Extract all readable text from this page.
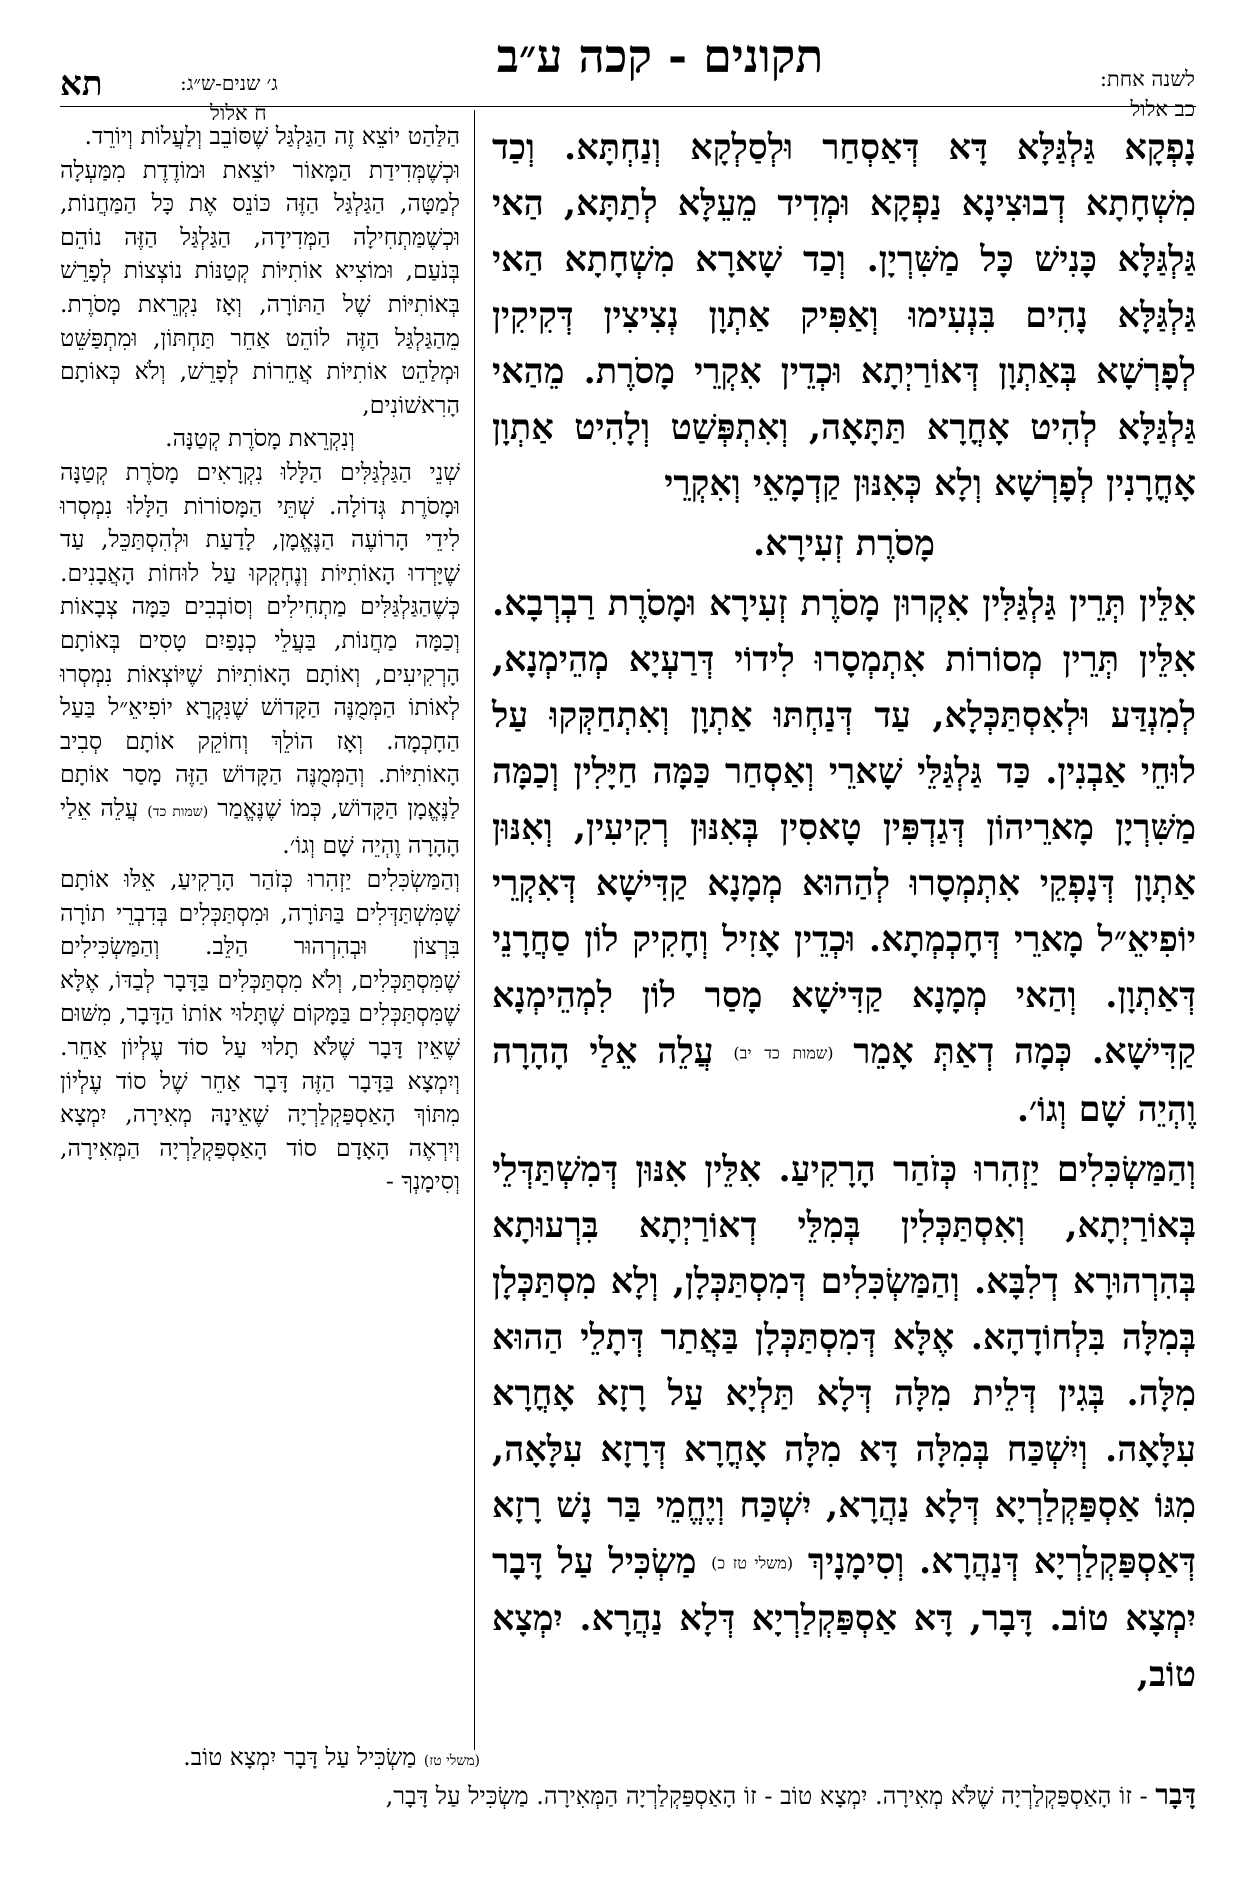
תא	ג׳ שנים-ש״ג:
ח אלול
תקונים - קכה ע״ב	לשנה אחת:
כב אלול

נָפְקָא גַּלְגַּלָּא דָּא דְּאַסְחַר וּלְסַלְקָא וְנַחְתָּא. וְכַד מִשְׁחָתָא דְבוּצִינָא נַפְקָא וּמְדִיד מֵעֵלָּא לְתַתָּא, הַאי גַּלְגַּלָּא כָּנִישׁ כָּל מַשִּׁרְיָן. וְכַד שָׁארָא מִשְׁחָתָא הַאי גַּלְגַּלָּא נָהִים בִּנְעִימוּ וְאַפִּיק אַתְוָן נְצִיצִין דְּקִיקִין לְפָרְשָׁא בְּאַתְוָן דְּאוֹרַיְתָא וּכְדֵין אִקְרֵי מָסֹרֶת. מֵהַאי גַּלְגַּלָּא לְהִיט אָחֳרָא תַּתָּאָה, וְאִתְפְּשַׁט וְלָהִיט אַתְוָן אָחֳרָנִין לְפָרְשָׁא וְלָא כְּאִנּוּן קַדְמָאֵי וְאִקְרֵי

מָסֹרֶת זְעִירָא.

אִלֵּין תְּרֵין גַּלְגַּלִּין אִקְרוּן מָסֹרֶת זְעִירָא וּמָסֹרֶת רַבְרְבָא. אִלֵּין תְּרֵין מְסוֹרוֹת אִתְמְסָרוּ לִידוֹי דְּרַעְיָא מְהֵימְנָא, לְמִנְדַּע וּלְאִסְתַּכְּלָא, עַד דְּנַחְתּוּ אַתְוָן וְאִתְחַקְּקוּ עַל לוּחֵי אַבְנִין. כַּד גַּלְגַּלֵּי שָׁארֵי וְאַסְחַר כַּמָּה חַיָּלִין וְכַמָּה מַשִּׁרְיָן מָארֵיהוֹן דְּגַדְפִּין טָאסִין בְּאִנּוּן רְקִיעִין, וְאִנּוּן אַתְוָן דְּנָפְקֵי אִתְמְסָרוּ לְהַהוּא מְמָנָא קַדִּישָׁא דְּאִקְרֵי יוֹפִיאֵ״ל מָארֵי דְּחָכְמְתָא. וּכְדֵין אָזִיל וְחָקִיק לוֹן סַחֲרָנֵי דְּאַתְוָן. וְהַאי מְמָנָא קַדִּישָׁא מָסַר לוֹן לִמְהֵימְנָא קַדִּישָׁא. כְּמָה דְאַתְּ אָמֵר (שמות כד יב) עֲלֵה אֵלַי הָהָרָה וֶהְיֵה שָׁם וְגוֹ׳.

וְהַמַּשְׂכִּלִים יַזְהִרוּ כְּזֹהַר הָרָקִיעַ. אִלֵּין אִנּוּן דְּמִשְׁתַּדְּלֵי בְּאוֹרַיְתָא, וְאִסְתַּכְּלִין בְּמִלֵּי דְאוֹרַיְתָא בִּרְעוּתָא בְּהִרְהוּרָא דְלִבָּא. וְהַמַּשְׂכִּלִים דְּמִסְתַּכְּלָן, וְלָא מִסְתַּכְּלָן בְּמִלָּה בִּלְחוֹדָהָא. אֶלָּא דְּמִסְתַּכְּלָן בַּאֲתַר דְּתָלֵי הַהוּא מִלָּה. בְּגִין דְּלֵית מִלָּה דְּלָא תַּלְיָא עַל רָזָא אָחֳרָא עִלָּאָה. וְיִשְׁכַּח בְּמִלָּה דָּא מִלָּה אָחֳרָא דְּרָזָא עִלָּאָה, מִגּוֹ אַסְפַּקְלַרְיָא דְּלָא נַהֲרָא, יִשְׁכַּח וְיֶחֱמֵי בַּר נָשׁ רָזָא דְּאַסְפַּקְלַרְיָא דְּנַהֲרָא. וְסִימָנָיךְ (משלי טז כ) מַשְׂכִּיל עַל דָּבָר יִמְצָא טוֹב. דָּבָר, דָּא אַסְפַּקְלַרְיָא דְּלָא נַהֲרָא. יִמְצָא טוֹב,

הַלַּהַט יוֹצֵא זֶה הַגַּלְגַּל שֶׁסּוֹבֵב וְלַעֲלוֹת וְיוֹרֵד.

וּכְשֶׁמְּדִידַת הַמָּאוֹר יוֹצֵאת וּמוֹדֶדֶת מִמַּעְלָה לְמַטָּה, הַגַּלְגַּל הַזֶּה כּוֹנֵס אֶת כָּל הַמַּחֲנוֹת, וּכְשֶׁמַּתְחִילָה הַמְּדִידָה, הַגַּלְגַּל הַזֶּה נוֹהֵם בְּנֹעַם, וּמוֹצִיא אוֹתִיּוֹת קְטַנּוֹת נוֹצְצוֹת לְפָרֵשׁ בְּאוֹתִיּוֹת שֶׁל הַתּוֹרָה, וְאָז נִקְרֵאת מָסֹרֶת. מֵהַגַּלְגַּל הַזֶּה לוֹהֵט אַחֵר תַּחְתּוֹן, וּמִתְפַּשֵּׁט וּמְלַהֵט אוֹתִיּוֹת אֲחֵרוֹת לְפָרֵשׁ, וְלֹא כְּאוֹתָם הָרִאשׁוֹנִים,

וְנִקְרֵאת מָסֹרֶת קְטַנָּה.

שְׁנֵי הַגַּלְגַּלִּים הַלָּלוּ נִקְרָאִים מָסֹרֶת קְטַנָּה וּמָסֹרֶת גְּדוֹלָה. שְׁתֵּי הַמָּסוֹרוֹת הַלָּלוּ נִמְסְרוּ לִידֵי הָרוֹעֶה הַנֶּאֱמָן, לָדַעַת וּלְהִסְתַּכֵּל, עַד שֶׁיָּרְדוּ הָאוֹתִיּוֹת וְנֶחְקְקוּ עַל לוּחוֹת הָאֲבָנִים. כְּשֶׁהַגַּלְגַּלִּים מַתְחִילִים וְסוֹבְבִים כַּמָּה צְבָאוֹת וְכַמָּה מַחֲנוֹת, בַּעֲלֵי כְנָפַיִם טָסִים בְּאוֹתָם הָרְקִיעִים, וְאוֹתָם הָאוֹתִיּוֹת שֶׁיּוֹצְאוֹת נִמְסְרוּ לְאוֹתוֹ הַמְּמֻנֶּה הַקָּדוֹשׁ שֶׁנִּקְרָא יוֹפִיאֵ״ל בַּעַל הַחָכְמָה. וְאָז הוֹלֵךְ וְחוֹקֵק אוֹתָם סְבִיב הָאוֹתִיּוֹת. וְהַמְּמֻנֶּה הַקָּדוֹשׁ הַזֶּה מָסַר אוֹתָם לַנֶּאֱמָן הַקָּדוֹשׁ, כְּמוֹ שֶׁנֶּאֱמַר (שמות כד) עֲלֵה אֵלַי הָהָרָה וֶהְיֵה שָׁם וְגוֹ׳.

וְהַמַּשְׂכִּלִים יַזְהִרוּ כְּזֹהַר הָרָקִיעַ, אֵלּוּ אוֹתָם שֶׁמִּשְׁתַּדְּלִים בַּתּוֹרָה, וּמִסְתַּכְּלִים בְּדִבְרֵי תוֹרָה בִּרְצוֹן וּבְהִרְהוּר הַלֵּב. וְהַמַּשְׂכִּילִים שֶׁמִּסְתַּכְּלִים, וְלֹא מִסְתַּכְּלִים בַּדָּבָר לְבַדּוֹ, אֶלָּא שֶׁמִּסְתַּכְּלִים בַּמָּקוֹם שֶׁתָּלוּי אוֹתוֹ הַדָּבָר, מִשּׁוּם שֶׁאֵין דָּבָר שֶׁלֹּא תָלוּי עַל סוֹד עֶלְיוֹן אַחֵר. וְיִמְצָא בַּדָּבָר הַזֶּה דָּבָר אַחֵר שֶׁל סוֹד עֶלְיוֹן מִתּוֹךְ הָאַסְפַּקְלַרְיָה שֶׁאֵינָהּ מְאִירָה, יִמְצָא וְיִרְאֶה הָאָדָם סוֹד הָאַסְפַּקְלַרְיָה הַמְּאִירָה, וְסִימָנְךָ -

(משלי טז) מַשְׂכִּיל עַל דָּבָר יִמְצָא טוֹב.
דָּבָר - זוֹ הָאַסְפַּקְלַרְיָה שֶׁלֹּא מְאִירָה. יִמְצָא טוֹב - זוֹ הָאַסְפַּקְלַרְיָה הַמְּאִירָה. מַשְׂכִּיל עַל דָּבָר,
